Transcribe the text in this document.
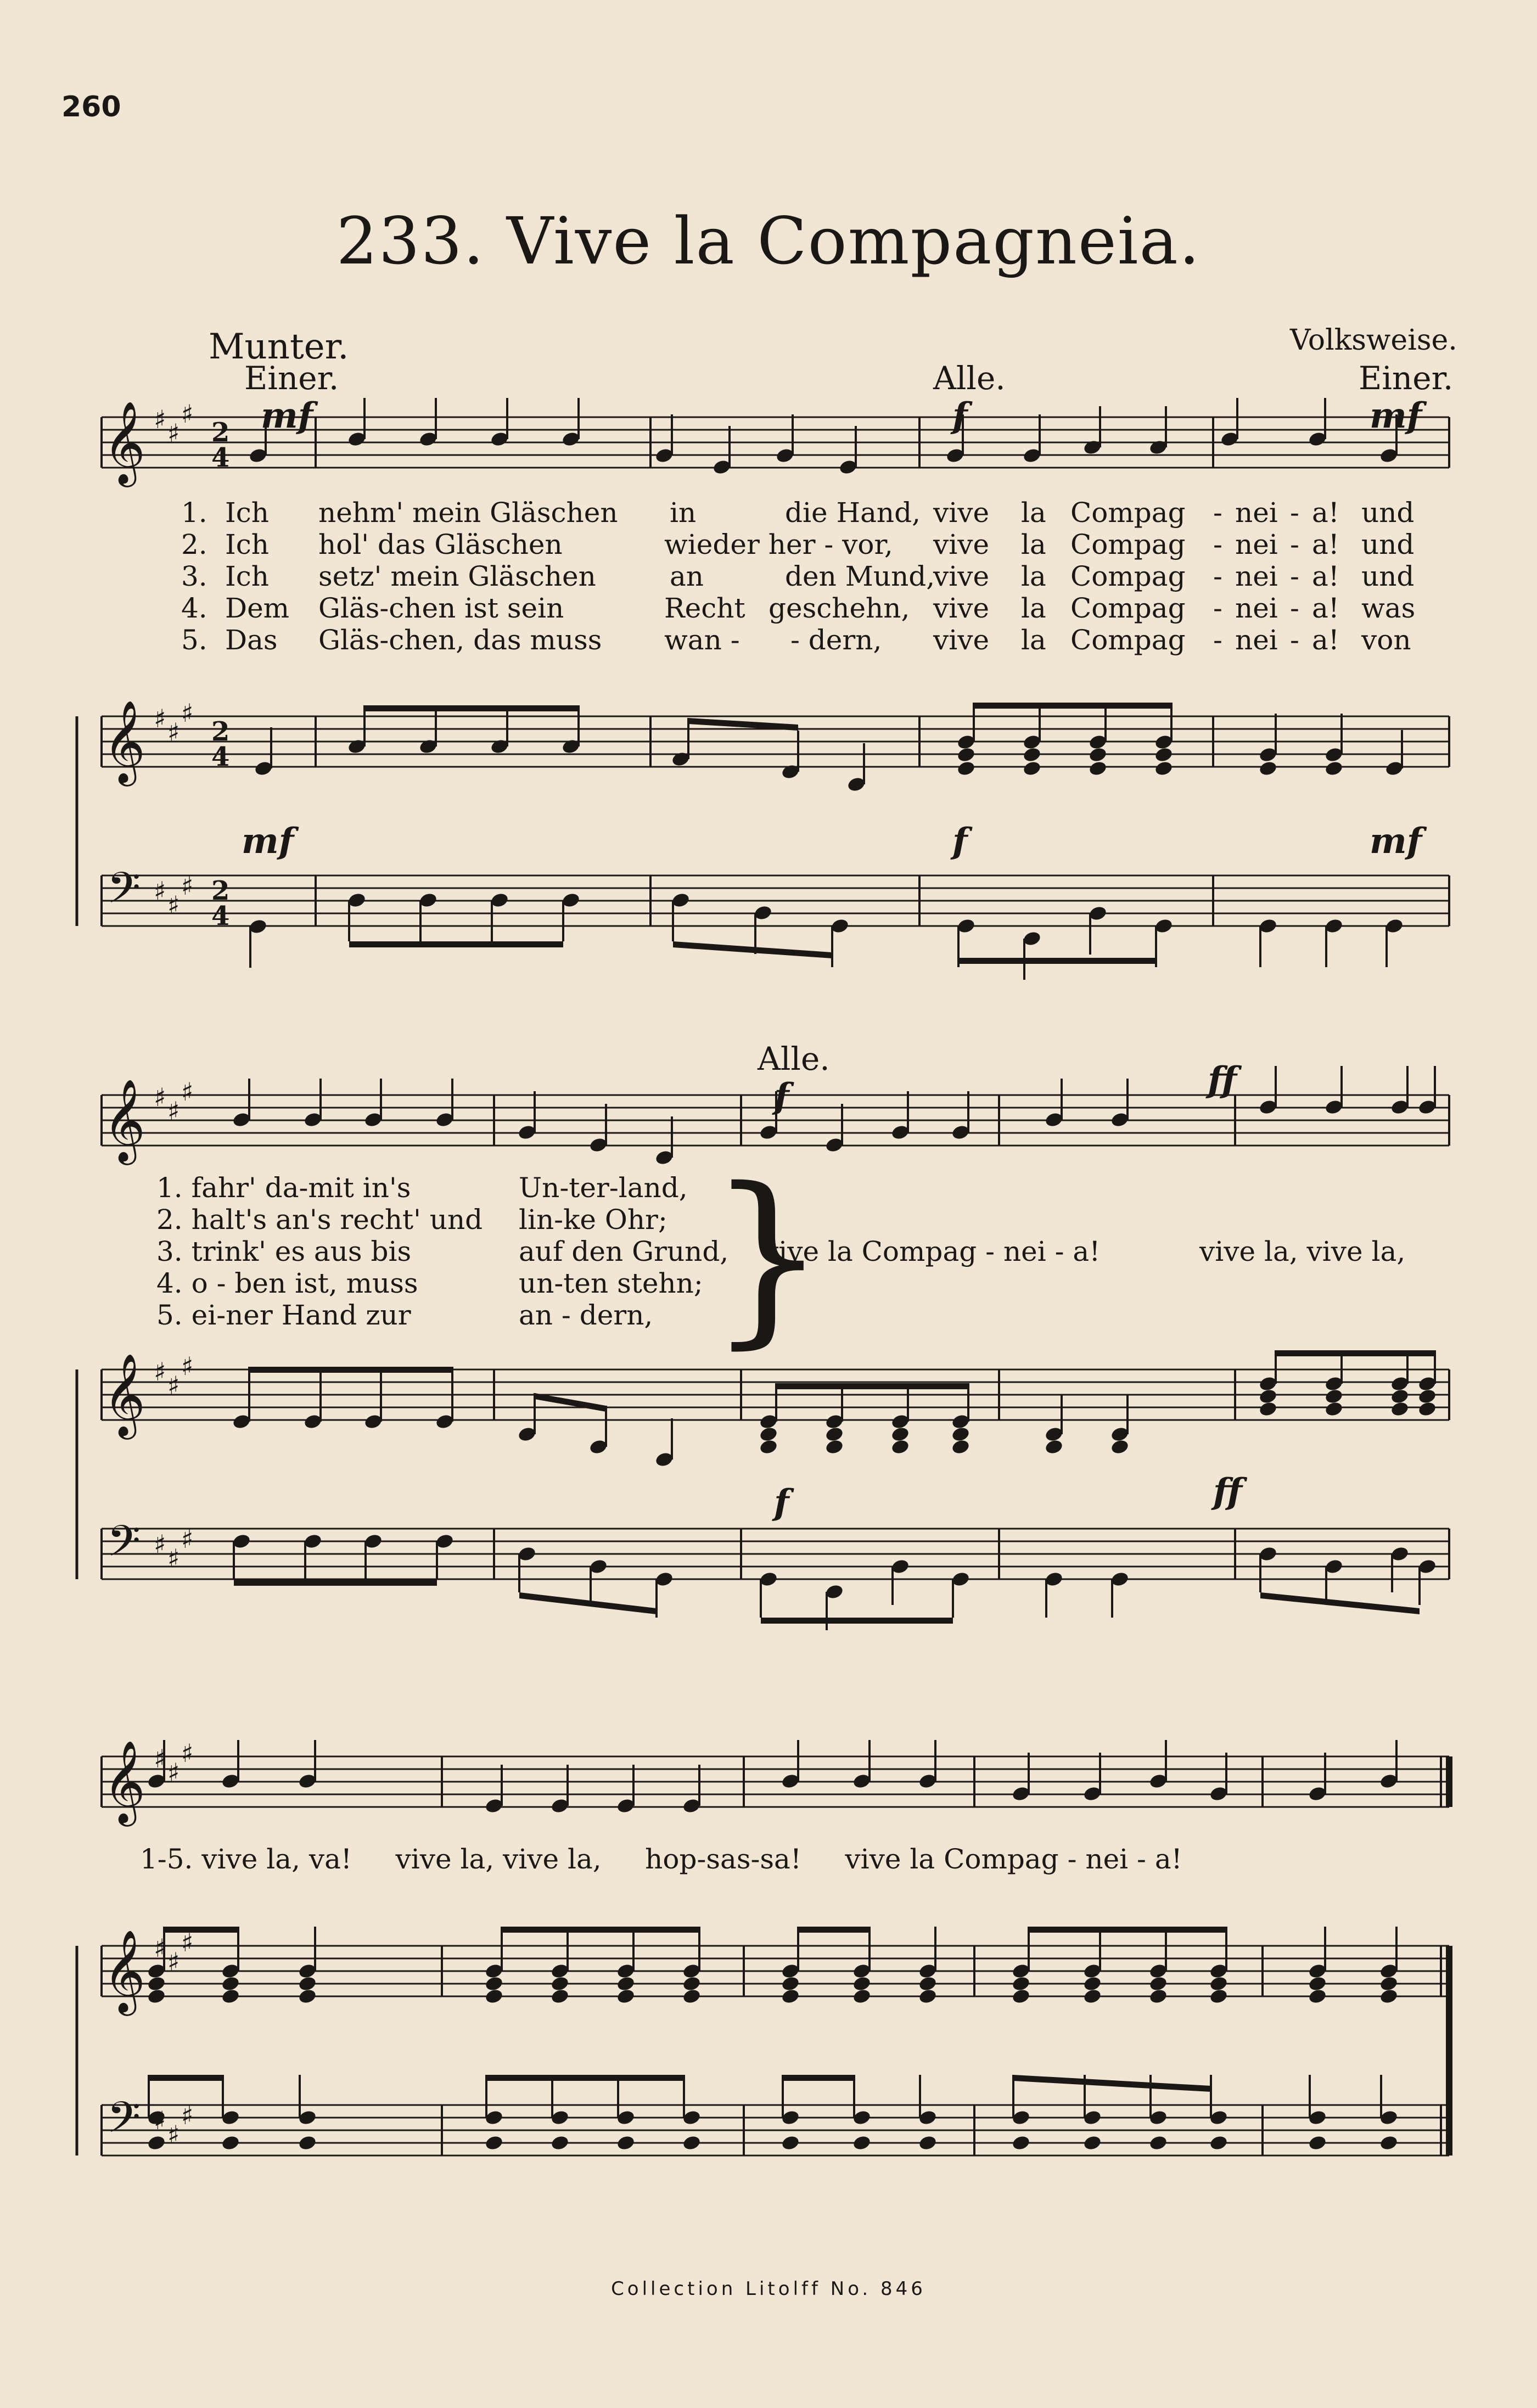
260
233. Vive la Compagneia.
Munter.	Volksweise.
Einer.	Alle.	Einer.
Alle.
mf	f	mf
mf	f	mf
f	ff
f	ff
1. Ich nehm' mein Gläschen in	die Hand, vive la Compag - nei - a! und
2. Ich hol' das Gläschen	wieder her - vor, vive la Compag - nei - a! und
3. Ich setz' mein Gläschen	an	den Mund,
vive la Compag - nei - a! und
4. Dem Gläs-chen ist sein	Recht geschehn, vive la Compag - nei - a! was
5. Das Gläs-chen, das muss wan - - dern, vive la Compag - nei - a! von
1. fahr' da-mit in's	Un-ter-land,
2. halt's an's recht' und lin-ke Ohr;
3. trink' es aus bis	auf den Grund,
4. o - ben ist, muss	un-ten stehn;
5. ei-ner Hand zur	an - dern, }
vive la Compag - nei - a!	vive la, vive la,
1-5. vive la, va!     vive la, vive la,     hop-sas-sa!     vive la Compag - nei - a!
Collection Litolff No. 846
𝄞 ♯ ♯
♯
𝄞 ♯ ♯
♯
𝄞 ♯ ♯
♯
𝄞 ♯ ♯
♯
𝄞 ♯ ♯
♯
𝄞 ♯ ♯
♯
𝄢 ♯ ♯
♯
𝄢 ♯ ♯
♯
𝄢 ♯ ♯
♯
2
4
2
4
2
4
